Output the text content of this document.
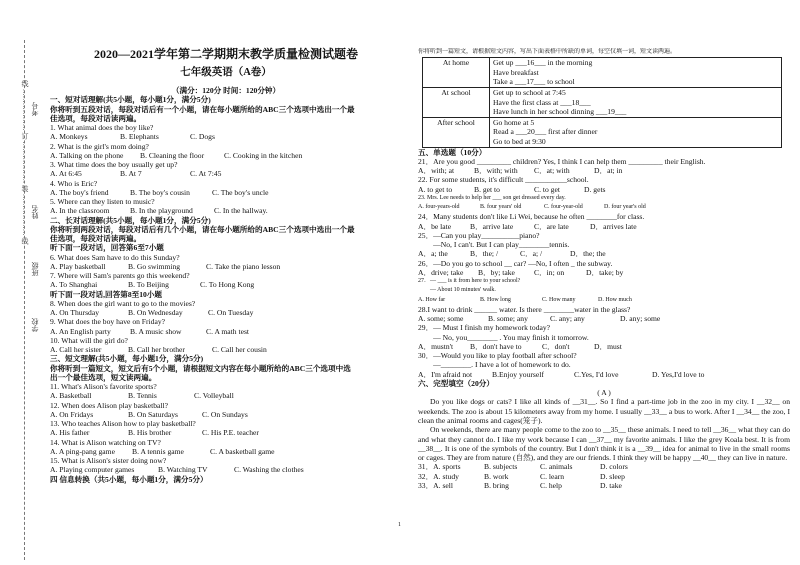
考号
姓名
班级
学校
线 ……………… 订 ……………… 装 ……………… 线
2020—2021学年第二学期期末教学质量检测试题卷
七年级英语（A卷）
（满分：120分 时间：120分钟）
一、短对话理解(共5小题，每小题1分，满分5分)
你将听到五段对话，每段对话后有一个小题，请在每小题所给的ABC三个选项中选出一个最
佳选项，每段对话读两遍。
1. What animal does the boy like?
A. Monkeys	B. Elephants	C. Dogs
2. What is the girl's mom doing?
A. Talking on the phone	B. Cleaning the floor	C. Cooking in the kitchen
3. What time does the boy usually get up?
A. At 6:45	B. At 7	C. At 7:45
4. Who is Eric?
A. The boy's friend	B. The boy's cousin	C. The boy's uncle
5. Where can they listen to music?
A. In the classroom	B. In the playground	C. In the hallway.
二、长对话理解(共5小题，每小题1分，满分5分)
你将听到两段对话，每段对话后有几个小题，请在每小题所给的ABC三个选项中选出一个最
佳选项，每段对话读两遍。
听下面一段对话，回答第6至7小题
6. What does Sam have to do this Sunday?
A. Play basketball	B. Go swimming	C. Take the piano lesson
7. Where will Sam's parents go this weekend?
A. To Shanghai	B. To Beijing	C. To Hong Kong
听下面一段对话,回答第8至10小题
8. When does the girl want to go to the movies?
A. On Thursday	B. On Wednesday	C. On Tuesday
9. What does the boy have on Friday?
A. An English party	B. A music show	C. A math test
10. What will the girl do?
A. Call her sister	B. Call her brother	C. Call her cousin
三、短文理解(共5小题，每小题1分，满分5分)
你将听到一篇短文，短文后有5个小题，请根据短文内容在每小题所给的ABC三个选项中选
出一个最佳选项，短文读两遍。
11. What's Alison's favorite sports?
A. Basketball	B. Tennis	C. Volleyball
12. When does Alison play basketball?
A. On Fridays	B. On Saturdays	C. On Sundays
13. Who teaches Alison how to play basketball?
A. His father	B. His brother	C. His P.E. teacher
14. What is Alison watching on TV?
A. A ping-pang game	B. A tennis game	C. A basketball game
15. What is Alison's sister doing now?
A. Playing computer games	B. Watching TV	C. Washing the clothes
四 信息转换（共5小题，每小题1分，满分5分）
你将听到一篇短文，请根据短文内容，写出下面表格中所缺的单词，每空仅填一词，短文读两遍。
At home	Get up ___16___ in the morning
Have breakfast
Take a ___17___ to school

At school	Get up to school at 7:45
Have the first class at ___18___
Have lunch in her school dinning ___19___

After school	Go home at 5
Read a ___20___ first after dinner
Go to bed at 9:30
五、单选题（10分）
21．Are you good _________ children? Yes, I think I can help them _________ their English.
A．with; at	B．with; with	C．at; with	D．at; in
22. For some students, it's difficult ___________school.
A. to get to	B. get to	C. to get	D. gets
23. Mrs. Lee needs to help her ___ son get dressed every day.
A. four-years-old	B. four years' old	C. four-year-old	D. four year's old
24．Many students don't like Li Wei, because he often ________for class.
A．be late	B．arrive late	C．are late	D．arrives late
25．—Can you play__________piano?
　　—No, I can't. But I can play________tennis.
A．a; the	B．the; /	C．a; /	D．the; the
26．—Do you go to school __ car? —No, I often _ the subway.
A．drive; take	B．by; take	C．in; on	D．take; by
27．— ___ is it from here to your school?
　　— About 10 minutes' walk.
A. How far	B. How long	C. How many	D. How much
28.I want to drink ______ water. Is there ________water in the glass?
A. some; some	B. some; any	C. any; any	D. any; some
29．— Must I finish my homework today?
　　— No, you________ . You may finish it tomorrow.
A．mustn't	B．don't have to	C．don't	D．must
30．—Would you like to play football after school?
　　—________. I have a lot of homework to do.
A．I'm afraid not	B.Enjoy yourself	C.Yes, I'd love	D. Yes,I'd love to
六、完型填空（20分）
( A )
Do you like dogs or cats? I like all kinds of __31__. So I find a part-time job in the zoo in my city. I __32__ on weekends. The zoo is about 15 kilometers away from my home. I usually __33__ a bus to work. After I __34__ the zoo, I clean the animal rooms and cages(笼子).
On weekends, there are many people come to the zoo to __35__ these animals. I need to tell __36__ what they can do and what they cannot do. I like my work because I can __37__ my favorite animals. I like the grey Koala best. It is from __38__. It is one of the symbols of the country. But I don't think it is a __39__ idea for animal to live in the small rooms or cages. They are from nature (自然), and they are our friends. I think they will be happy __40__ they can live in nature.
31．A. sports	B. subjects	C. animals	D. colors
32．A. study	B. work	C. learn	D. sleep
33．A. sell	B. bring	C. help	D. take
1
